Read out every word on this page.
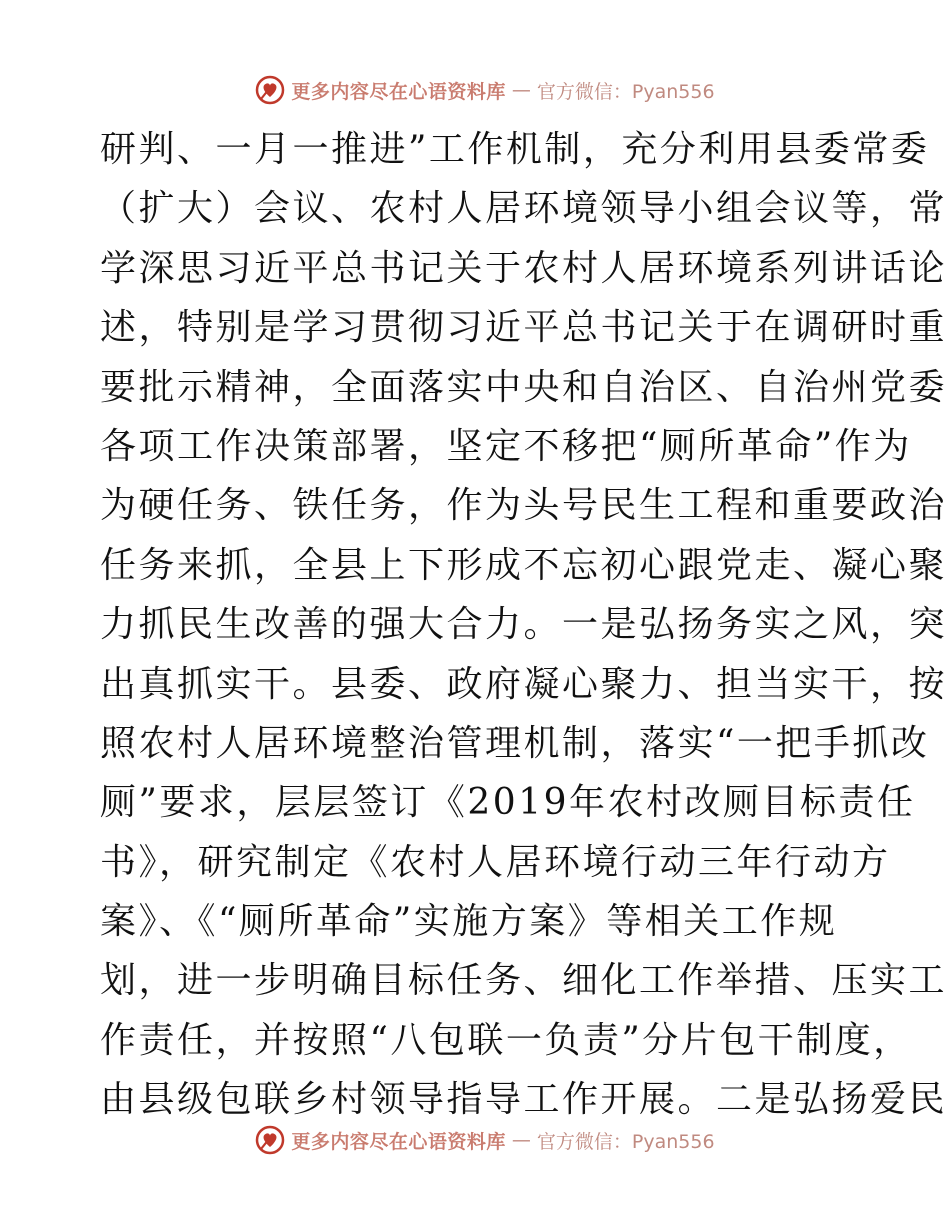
更多内容尽在心语资料库 — 官方微信：Pyan556
研判、一月一推进”工作机制，充分利用县委常委
（扩大）会议、农村人居环境领导小组会议等，常
学深思习近平总书记关于农村人居环境系列讲话论
述，特别是学习贯彻习近平总书记关于在调研时重
要批示精神，全面落实中央和自治区、自治州党委
各项工作决策部署，坚定不移把“厕所革命”作为
为硬任务、铁任务，作为头号民生工程和重要政治
任务来抓，全县上下形成不忘初心跟党走、凝心聚
力抓民生改善的强大合力。一是弘扬务实之风，突
出真抓实干。县委、政府凝心聚力、担当实干，按
照农村人居环境整治管理机制，落实“一把手抓改
厕”要求，层层签订《2019年农村改厕目标责任
书》，研究制定《农村人居环境行动三年行动方
案》、《“厕所革命”实施方案》等相关工作规
划，进一步明确目标任务、细化工作举措、压实工
作责任，并按照“八包联一负责”分片包干制度，
由县级包联乡村领导指导工作开展。二是弘扬爱民
更多内容尽在心语资料库 — 官方微信：Pyan556
